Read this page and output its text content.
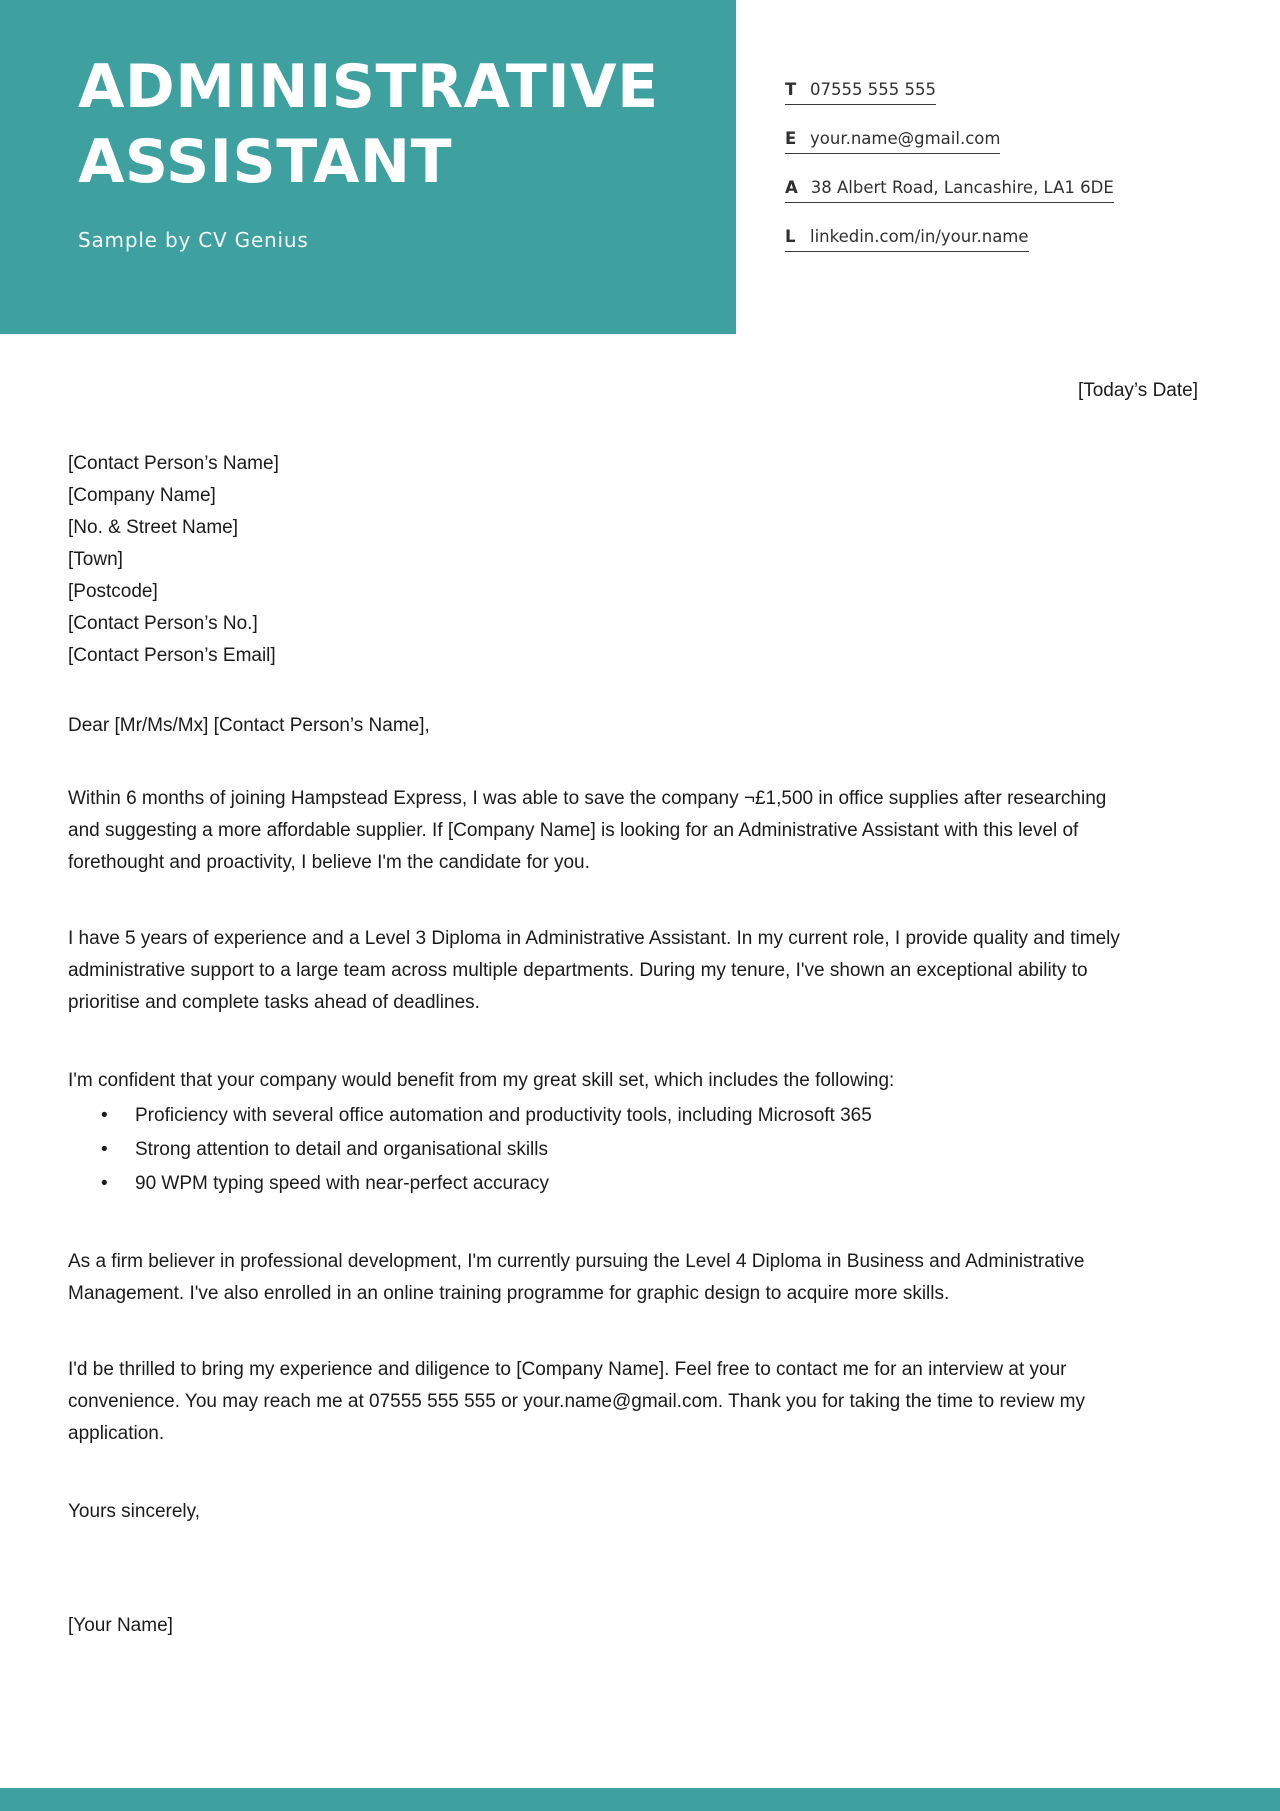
ADMINISTRATIVE
ASSISTANT
Sample by CV Genius
T 07555 555 555
E your.name@gmail.com
A 38 Albert Road, Lancashire, LA1 6DE
L linkedin.com/in/your.name
[Today’s Date]
[Contact Person’s Name]
[Company Name]
[No. & Street Name]
[Town]
[Postcode]
[Contact Person’s No.]
[Contact Person’s Email]
Dear [Mr/Ms/Mx] [Contact Person’s Name],

Within 6 months of joining Hampstead Express, I was able to save the company ¬£1,500 in office supplies after researching and suggesting a more affordable supplier. If [Company Name] is looking for an Administrative Assistant with this level of forethought and proactivity, I believe I'm the candidate for you.

I have 5 years of experience and a Level 3 Diploma in Administrative Assistant. In my current role, I provide quality and timely administrative support to a large team across multiple departments. During my tenure, I've shown an exceptional ability to prioritise and complete tasks ahead of deadlines.

I'm confident that your company would benefit from my great skill set, which includes the following:
• Proficiency with several office automation and productivity tools, including Microsoft 365
• Strong attention to detail and organisational skills
• 90 WPM typing speed with near-perfect accuracy

As a firm believer in professional development, I'm currently pursuing the Level 4 Diploma in Business and Administrative Management. I've also enrolled in an online training programme for graphic design to acquire more skills.

I'd be thrilled to bring my experience and diligence to [Company Name]. Feel free to contact me for an interview at your convenience. You may reach me at 07555 555 555 or your.name@gmail.com. Thank you for taking the time to review my application.

Yours sincerely,
[Your Name]
